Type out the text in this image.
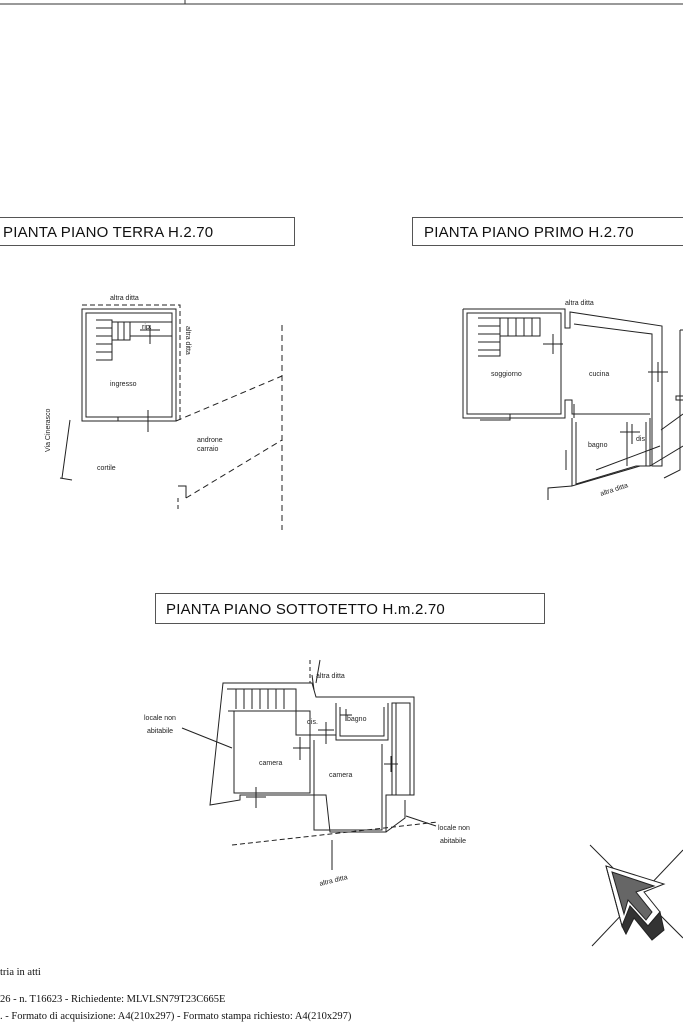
PIANTA PIANO TERRA H.2.70	PIANTA PIANO PRIMO H.2.70
PIANTA PIANO SOTTOTETTO H.m.2.70
altra ditta
altra ditta
rip.
ingresso
Via Cinerasco	androne
carraio
cortile
altra ditta
soggiorno	cucina
bagno
dis.
altra ditta
altra ditta
locale non
abitabile
dis.	bagno
camera
camera
locale non
abitabile
altra ditta
tria in atti
26 - n. T16623 - Richiedente: MLVLSN79T23C665E
. - Formato di acquisizione: A4(210x297) - Formato stampa richiesto: A4(210x297)
